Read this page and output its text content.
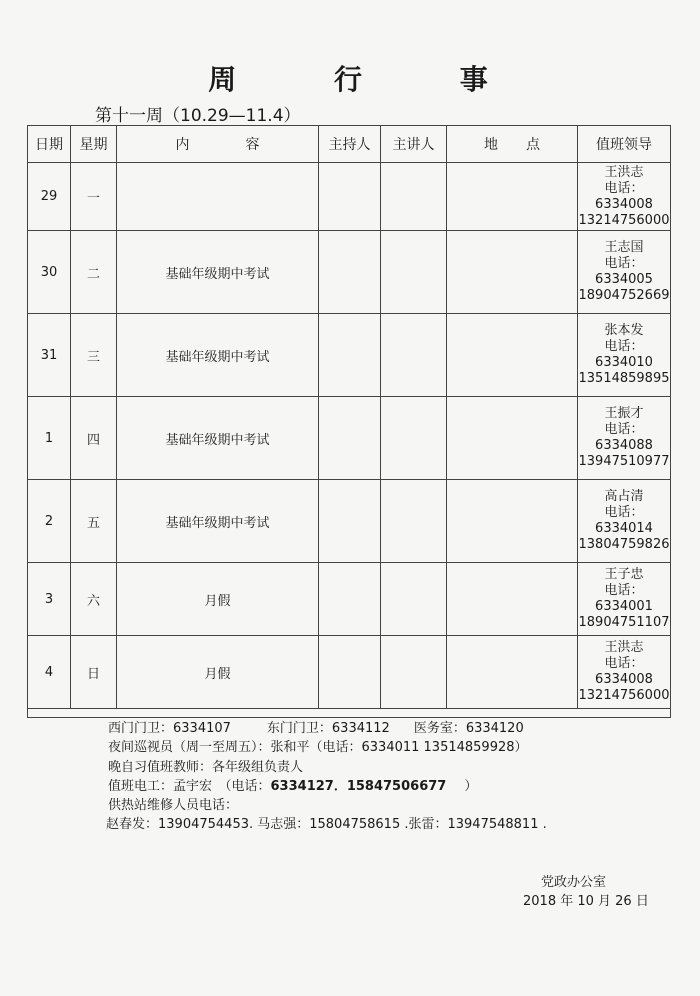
周 行 事
第十一周（10.29—11.4）
日期	星期	内　　　　容	主持人	主讲人	地　　点	值班领导
29	一					王洪志
电话：6334008
13214756000
30	二	基础年级期中考试				王志国
电话：6334005
18904752669
31	三	基础年级期中考试				张本发
电话：6334010
13514859895
1	四	基础年级期中考试				王振才
电话：6334088
13947510977
2	五	基础年级期中考试				高占清
电话：6334014
13804759826
3	六	月假				王子忠
电话：6334001
18904751107
4	日	月假				王洪志
电话：6334008
13214756000

西门门卫：6334107	东门门卫：6334112 医务室：6334120
夜间巡视员（周一至周五）：张和平（电话：6334011 13514859928）
晚自习值班教师：各年级组负责人
值班电工：孟宇宏　（电话：6334127．15847506677 ）
供热站维修人员电话：
赵春发：13904754453. 马志强：15804758615 .张雷：13947548811 .
党政办公室
2018 年 10 月 26 日
